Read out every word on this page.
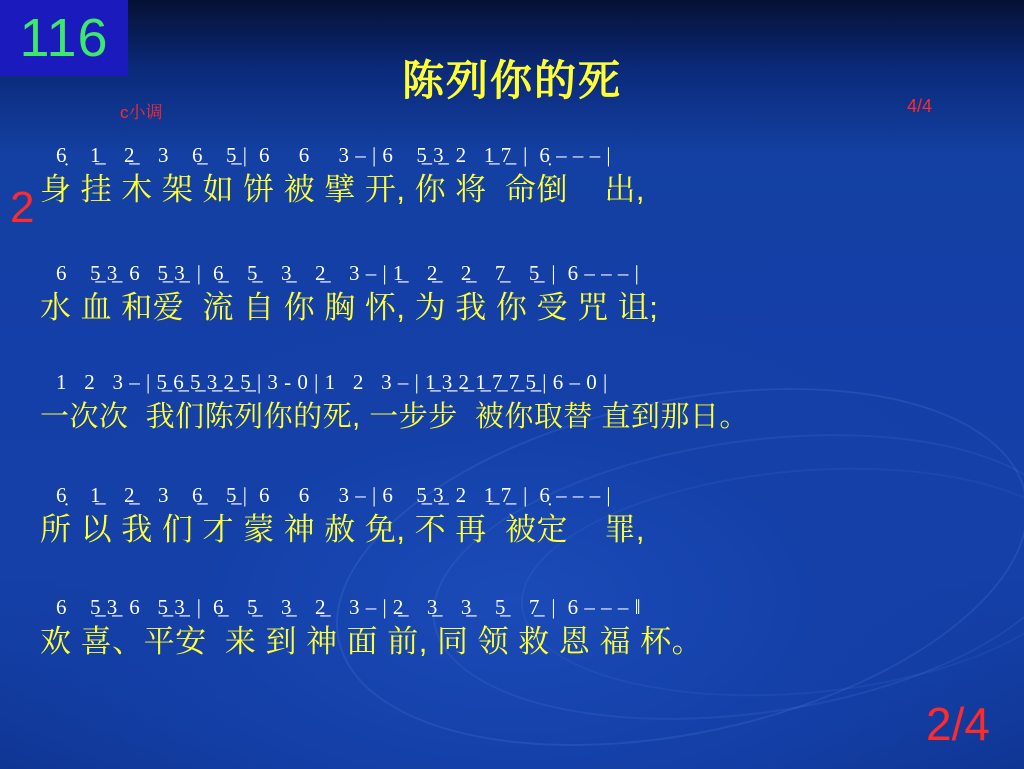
116
陈列你的死
c小调	4/4
2
6̣    1̲    2̲    3    6̲    5̲ |  6     6     3 – | 6    5̲ 3̲  2   1̲ 7̲  |  6̣ – – – |
身 挂 木 架 如 饼 被 擘 开, 你 将  命倒    出,
6    5̲ 3̲  6   5̲ 3̲  |  6̲    5̲    3̲    2̲    3 – | 1̲    2̲    2̲    7̲    5̲  |  6 – – – |
水 血 和爱  流 自 你 胸 怀, 为 我 你 受 咒 诅;
1   2   3 – | 5̲ 6̲ 5̲ 3̲ 2̲ 5̲ | 3 - 0 | 1   2   3 – | 1̲ 3̲ 2̲ 1̲ 7̲ 7̲ 5̲ | 6 – 0 |
一次次  我们陈列你的死, 一步步  被你取替 直到那日。
6̣    1̲    2̲    3    6̲    5̲ |  6     6     3 – | 6    5̲ 3̲  2   1̲ 7̲  |  6̣ – – – |
所 以 我 们 才 蒙 神 赦 免, 不 再  被定    罪,
6    5̲ 3̲  6   5̲ 3̲  |  6̲    5̲    3̲    2̲    3 – | 2̲    3̲    3̲    5̲    7̲  |  6 – – – ‖
欢 喜、平安  来 到 神 面 前, 同 领 救 恩 福 杯。
2/4
